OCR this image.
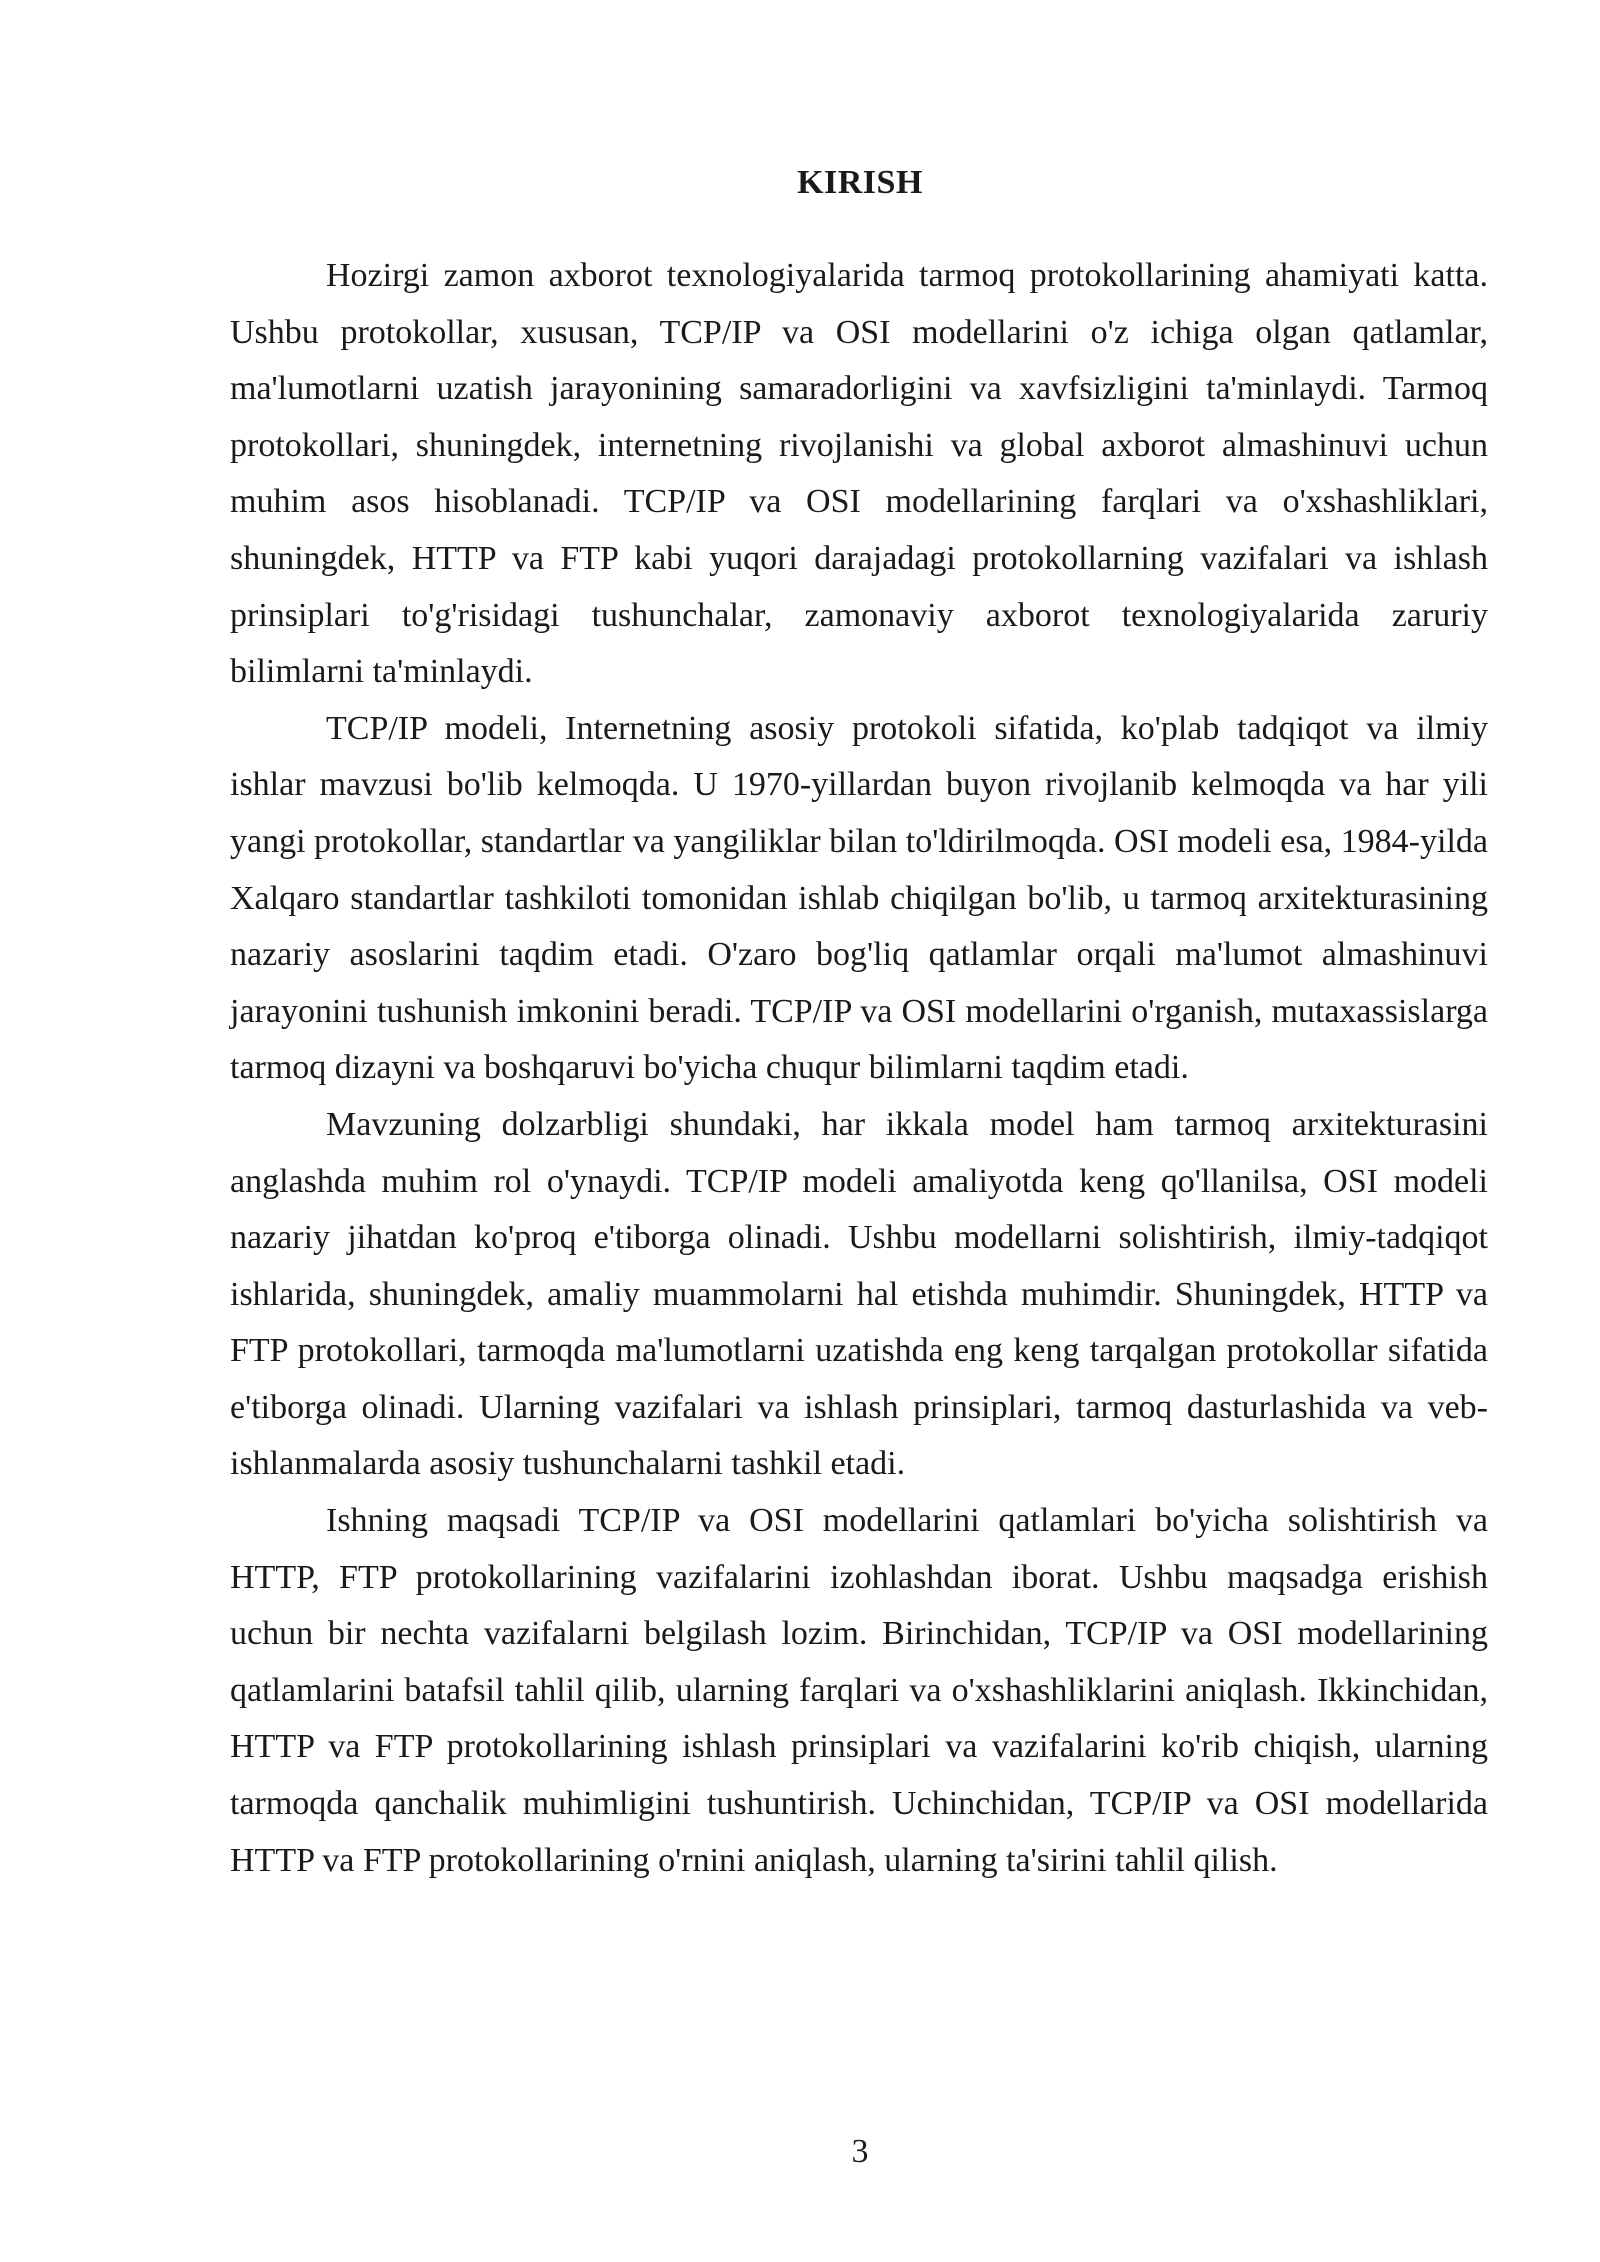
KIRISH

Hozirgi zamon axborot texnologiyalarida tarmoq protokollarining ahamiyati katta. Ushbu protokollar, xususan, TCP/IP va OSI modellarini o'z ichiga olgan qatlamlar, ma'lumotlarni uzatish jarayonining samaradorligini va xavfsizligini ta'minlaydi. Tarmoq protokollari, shuningdek, internetning rivojlanishi va global axborot almashinuvi uchun muhim asos hisoblanadi. TCP/IP va OSI modellarining farqlari va o'xshashliklari, shuningdek, HTTP va FTP kabi yuqori darajadagi protokollarning vazifalari va ishlash prinsiplari to'g'risidagi tushunchalar, zamonaviy axborot texnologiyalarida zaruriy bilimlarni ta'minlaydi.

TCP/IP modeli, Internetning asosiy protokoli sifatida, ko'plab tadqiqot va ilmiy ishlar mavzusi bo'lib kelmoqda. U 1970-yillardan buyon rivojlanib kelmoqda va har yili yangi protokollar, standartlar va yangiliklar bilan to'ldirilmoqda. OSI modeli esa, 1984-yilda Xalqaro standartlar tashkiloti tomonidan ishlab chiqilgan bo'lib, u tarmoq arxitekturasining nazariy asoslarini taqdim etadi. O'zaro bog'liq qatlamlar orqali ma'lumot almashinuvi jarayonini tushunish imkonini beradi. TCP/IP va OSI modellarini o'rganish, mutaxassislarga tarmoq dizayni va boshqaruvi bo'yicha chuqur bilimlarni taqdim etadi.

Mavzuning dolzarbligi shundaki, har ikkala model ham tarmoq arxitekturasini anglashda muhim rol o'ynaydi. TCP/IP modeli amaliyotda keng qo'llanilsa, OSI modeli nazariy jihatdan ko'proq e'tiborga olinadi. Ushbu modellarni solishtirish, ilmiy-tadqiqot ishlarida, shuningdek, amaliy muammolarni hal etishda muhimdir. Shuningdek, HTTP va FTP protokollari, tarmoqda ma'lumotlarni uzatishda eng keng tarqalgan protokollar sifatida e'tiborga olinadi. Ularning vazifalari va ishlash prinsiplari, tarmoq dasturlashida va veb-ishlanmalarda asosiy tushunchalarni tashkil etadi.

Ishning maqsadi TCP/IP va OSI modellarini qatlamlari bo'yicha solishtirish va HTTP, FTP protokollarining vazifalarini izohlashdan iborat. Ushbu maqsadga erishish uchun bir nechta vazifalarni belgilash lozim. Birinchidan, TCP/IP va OSI modellarining qatlamlarini batafsil tahlil qilib, ularning farqlari va o'xshashliklarini aniqlash. Ikkinchidan, HTTP va FTP protokollarining ishlash prinsiplari va vazifalarini ko'rib chiqish, ularning tarmoqda qanchalik muhimligini tushuntirish. Uchinchidan, TCP/IP va OSI modellarida HTTP va FTP protokollarining o'rnini aniqlash, ularning ta'sirini tahlil qilish.

3
